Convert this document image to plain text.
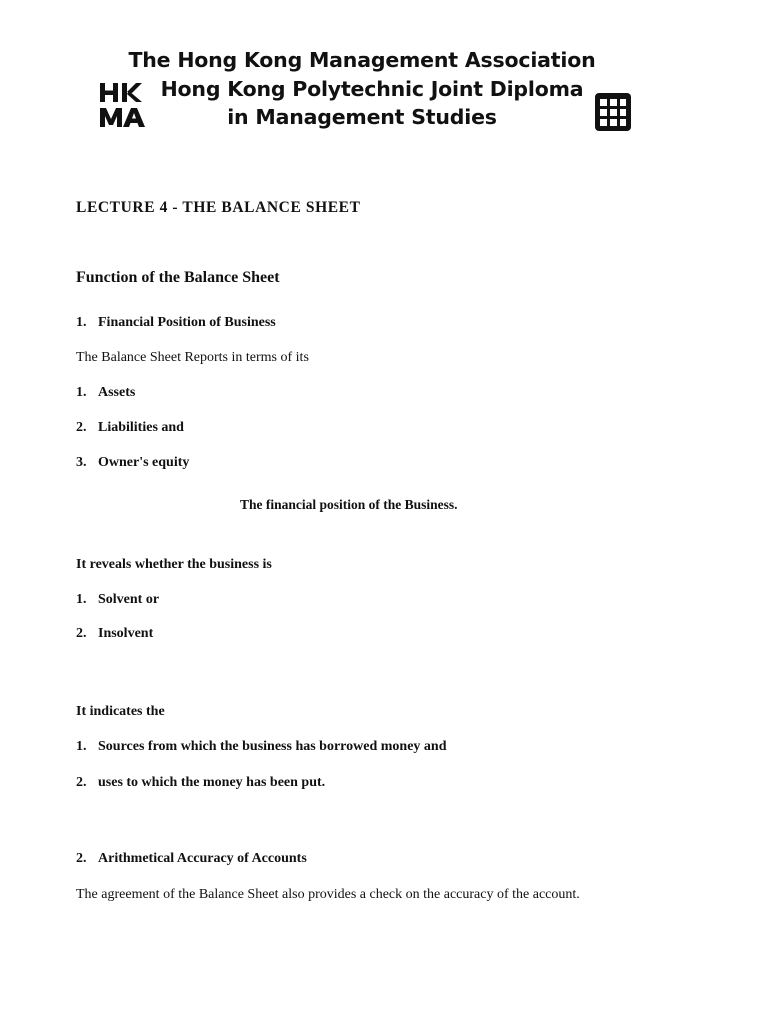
The Hong Kong Management Association
Hong Kong Polytechnic Joint Diploma
in Management Studies
LECTURE 4 - THE BALANCE SHEET
Function of the Balance Sheet
1. Financial Position of Business
The Balance Sheet Reports in terms of its
1. Assets
2. Liabilities and
3. Owner's equity
The financial position of the Business.
It reveals whether the business is
1. Solvent or
2. Insolvent
It indicates the
1. Sources from which the business has borrowed money and
2. uses to which the money has been put.
2. Arithmetical Accuracy of Accounts
The agreement of the Balance Sheet also provides a check on the accuracy of the account.
